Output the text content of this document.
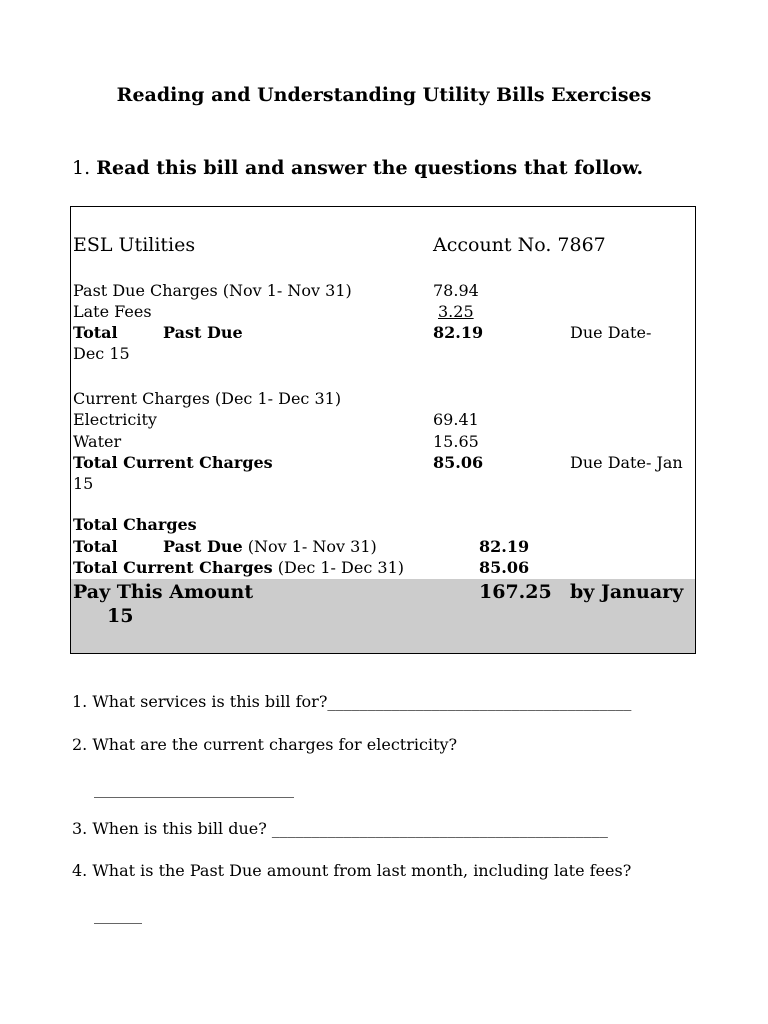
Reading and Understanding Utility Bills Exercises
1. Read this bill and answer the questions that follow.
ESL Utilities	Account No. 7867
Past Due Charges (Nov 1- Nov 31)	78.94
Late Fees	3.25
Total	Past Due	82.19	Due Date-
Dec 15
Current Charges (Dec 1- Dec 31)
Electricity	69.41
Water	15.65
Total Current Charges	85.06	Due Date- Jan
15
Total Charges
Total	Past Due (Nov 1- Nov 31)	82.19
Total Current Charges (Dec 1- Dec 31)	85.06
Pay This Amount	167.25 by January
15
1. What services is this bill for?______________________________________
2. What are the current charges for electricity?
_________________________
3. When is this bill due? __________________________________________
4. What is the Past Due amount from last month, including late fees?
______
